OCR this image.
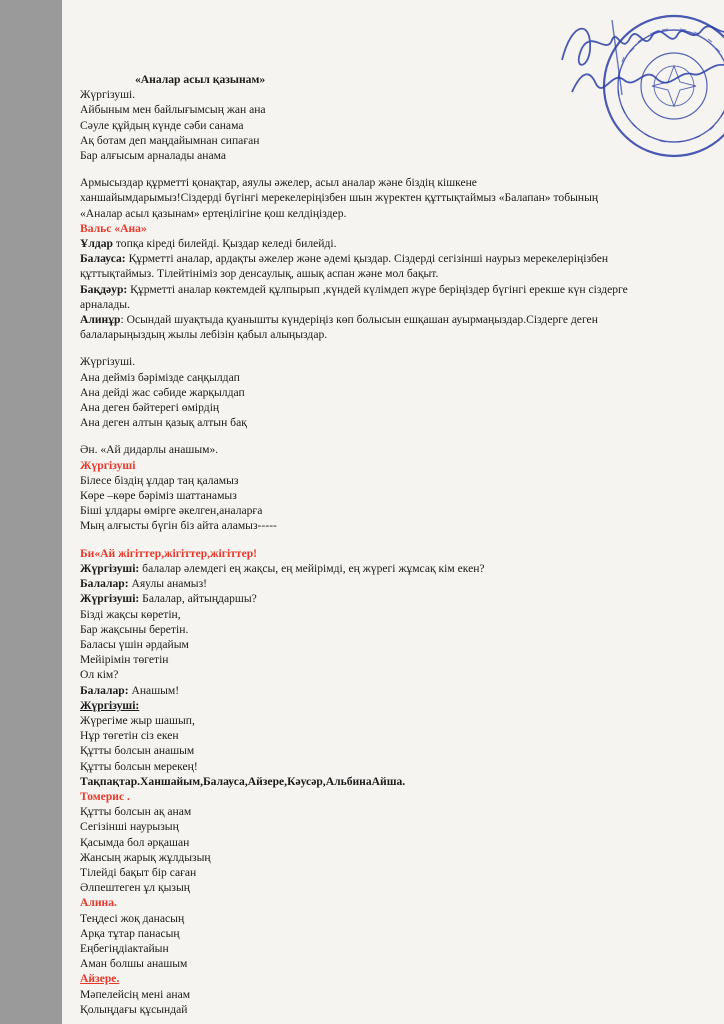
«Аналар асыл қазынам»
Жүргізуші.
Айбыным мен байлығымсың жан ана
Сәуле құйдың күнде сәби санама
Ақ ботам деп маңдайымнан сипаған
Бар алғысым арналады анама
Армысыздар құрметті қонақтар, аяулы әжелер, асыл аналар және біздің кішкене
ханшайымдарымыз!Сіздерді бүгінгі мерекелеріңізбен шын жүректен құттықтаймыз «Балапан» тобының
«Аналар асыл қазынам» ертеңілігіне қош келдіңіздер.
Вальс «Ана»
Ұлдар топқа кіреді билейді. Қыздар келеді билейді.
Балауса: Құрметті аналар, ардақты әжелер және әдемі қыздар. Сіздерді сегізінші наурыз мерекелеріңізбен құттықтаймыз. Тілейтініміз зор денсаулық, ашық аспан және мол бақыт.
Бақдәур: Құрметті аналар көктемдей құлпырып ,күндей күлімдеп жүре беріңіздер бүгінгі ерекше күн сіздерге арналады.
Алинұр: Осындай шуақтыда қуанышты күндеріңіз көп болысын ешқашан ауырмаңыздар.Сіздерге деген балаларыңыздың жылы лебізін қабыл алыңыздар.
Жүргізуші.
Ана деймiз бәрiмiзде саңқылдап
Ана дейдi жас сәбиде жарқылдап
Ана деген бәйтерегi өмiрдiң
Ана деген алтын қазық алтын бақ
Ән. «Ай дидарлы анашым».
Жүргізуші
Білесе біздің ұлдар таң қаламыз
Көре –көре бәріміз шаттанамыз
Біші ұлдары өмірге әкелген,аналарға
Мың алғысты бүгін біз айта аламыз-----
Би«Ай жігіттер,жігіттер,жігіттер!
Жүргізуші: балалар әлемдегі ең жақсы, ең мейірімді, ең жүрегі жұмсақ кім екен?
Балалар: Аяулы анамыз!
Жүргізуші: Балалар, айтыңдаршы?
Бізді жақсы көретін,
Бар жақсыны беретін.
Баласы үшін әрдайым
Мейірімін төгетін
Ол кім?
Балалар: Анашым!
Жүргізуші:
Жүрегіме жыр шашып,
Нұр төгетін сіз екен
Құтты болсын анашым
Құтты болсын мерекең!
Тақпақтар.Ханшайым,Балауса,Айзере,Кәусәр,АльбинаАйша.
Томерис .
Құтты болсын ақ анам
Сегізінші наурызың
Қасымда бол әрқашан
Жансың жарық жұлдызың
Тілейді бақыт бір саған
Әлпештеген ұл қызың
Алина.
Теңдесі жоқ данасың
Арқа тұтар панасың
Еңбегіңдіактайын
Аман болшы анашым
Айзере.
Мәпелейсің мені анам
Қолыңдағы құсындай
